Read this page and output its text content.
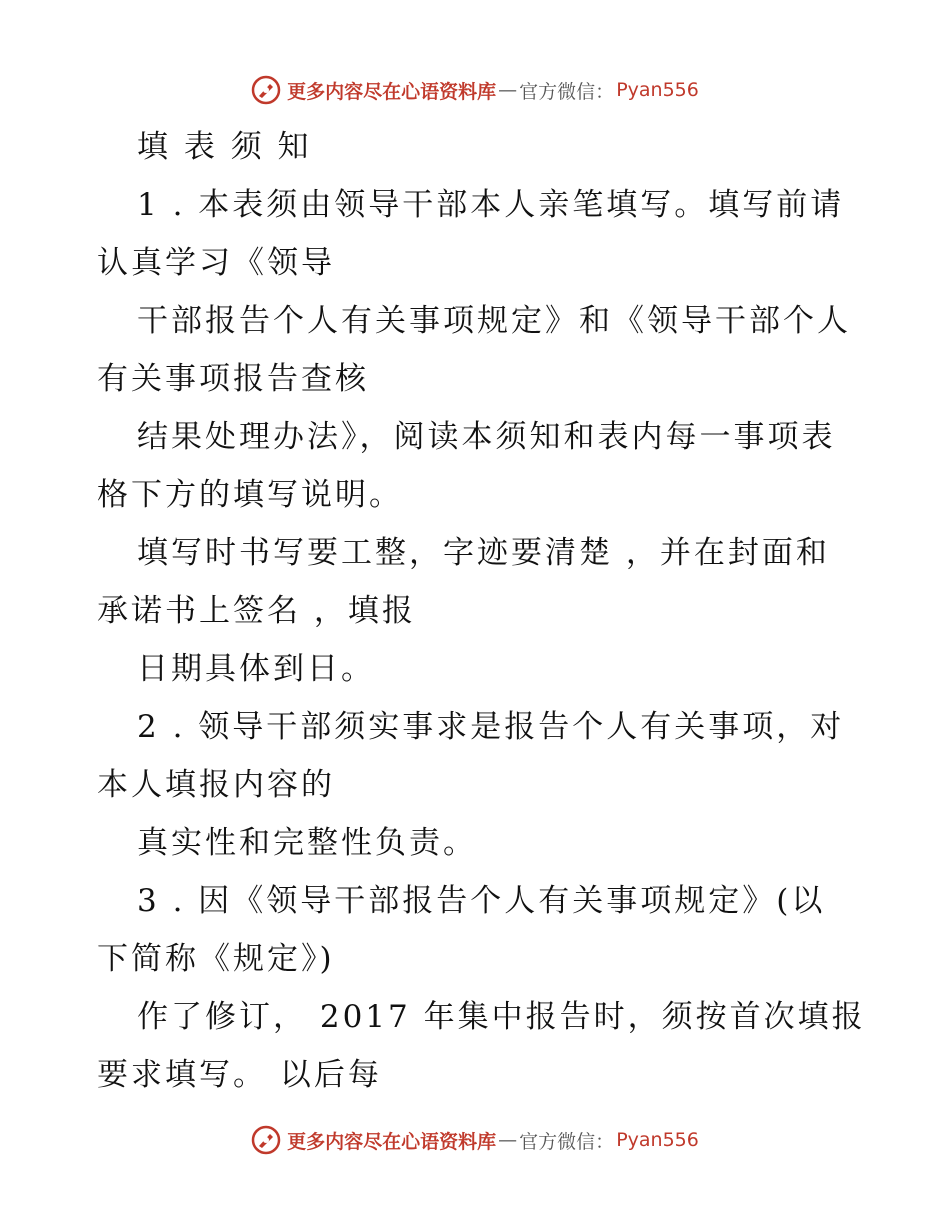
更多内容尽在心语资料库 — 官方微信： Pyan556
填 表 须 知
1 . 本表须由领导干部本人亲笔填写。填写前请
认真学习《领导
干部报告个人有关事项规定》和《领导干部个人
有关事项报告查核
结果处理办法》，阅读本须知和表内每一事项表
格下方的填写说明。
填写时书写要工整，字迹要清楚 ，并在封面和
承诺书上签名 ，填报
日期具体到日。
2 . 领导干部须实事求是报告个人有关事项，对
本人填报内容的
真实性和完整性负责。
3 . 因《领导干部报告个人有关事项规定》(以
下简称《规定》)
作了修订， 2017 年集中报告时，须按首次填报
要求填写。 以后每
更多内容尽在心语资料库 — 官方微信： Pyan556
